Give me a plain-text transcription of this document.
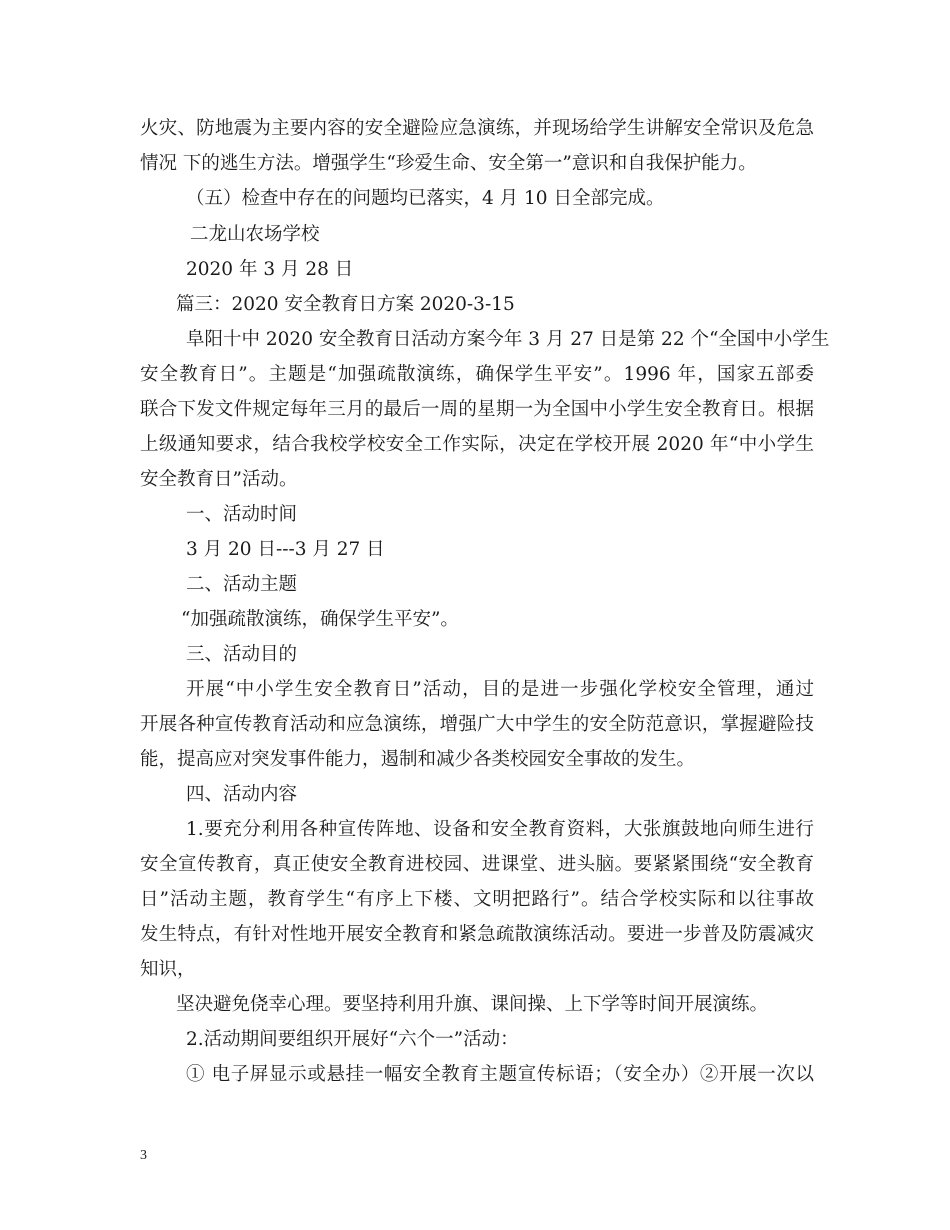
火灾、防地震为主要内容的安全避险应急演练，并现场给学生讲解安全常识及危急

情况 下的逃生方法。增强学生“珍爱生命、安全第一”意识和自我保护能力。

（五）检查中存在的问题均已落实，4 月 10 日全部完成。

二龙山农场学校

2020 年 3 月 28 日

篇三：2020 安全教育日方案 2020-3-15

阜阳十中 2020 安全教育日活动方案今年 3 月 27 日是第 22 个“全国中小学生

安全教育日”。主题是“加强疏散演练，确保学生平安”。1996 年，国家五部委

联合下发文件规定每年三月的最后一周的星期一为全国中小学生安全教育日。根据

上级通知要求，结合我校学校安全工作实际，决定在学校开展 2020 年“中小学生

安全教育日”活动。

一、活动时间

3 月 20 日---3 月 27 日

二、活动主题

“加强疏散演练，确保学生平安”。

三、活动目的

开展“中小学生安全教育日”活动，目的是进一步强化学校安全管理，通过

开展各种宣传教育活动和应急演练，增强广大中学生的安全防范意识，掌握避险技

能，提高应对突发事件能力，遏制和减少各类校园安全事故的发生。

四、活动内容

1.要充分利用各种宣传阵地、设备和安全教育资料，大张旗鼓地向师生进行

安全宣传教育，真正使安全教育进校园、进课堂、进头脑。要紧紧围绕“安全教育

日”活动主题，教育学生“有序上下楼、文明把路行”。结合学校实际和以往事故

发生特点，有针对性地开展安全教育和紧急疏散演练活动。要进一步普及防震减灾

知识，

坚决避免侥幸心理。要坚持利用升旗、课间操、上下学等时间开展演练。

2.活动期间要组织开展好“六个一”活动：

① 电子屏显示或悬挂一幅安全教育主题宣传标语；（安全办）②开展一次以

3
